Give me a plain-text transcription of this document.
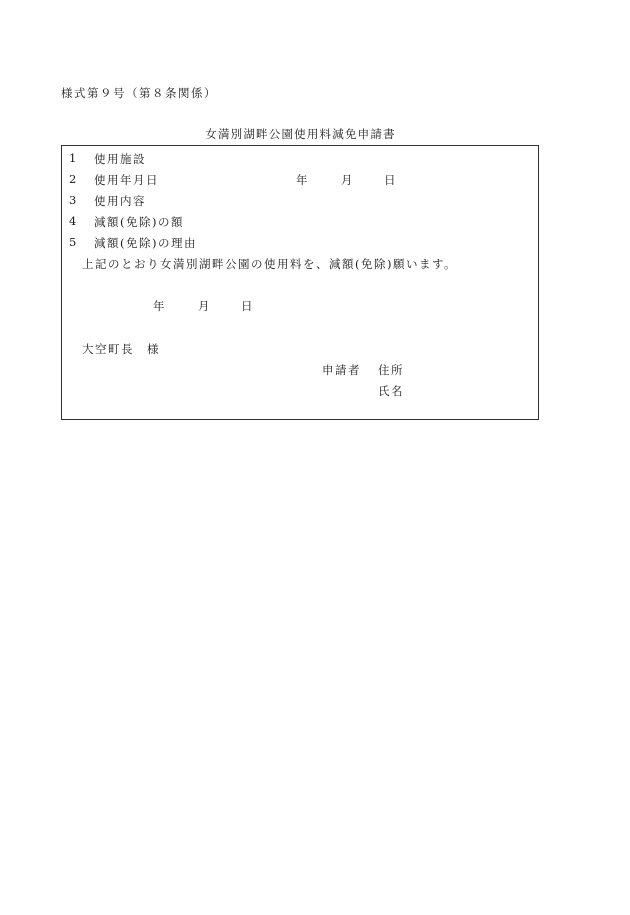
様式第９号（第８条関係）
女満別湖畔公園使用料減免申請書
1 使用施設
2 使用年月日	年	月	日
3 使用内容
4 減額(免除)の額
5 減額(免除)の理由
上記のとおり女満別湖畔公園の使用料を、減額(免除)願います。
年	月	日
大空町長　様
申請者 住所
氏名
